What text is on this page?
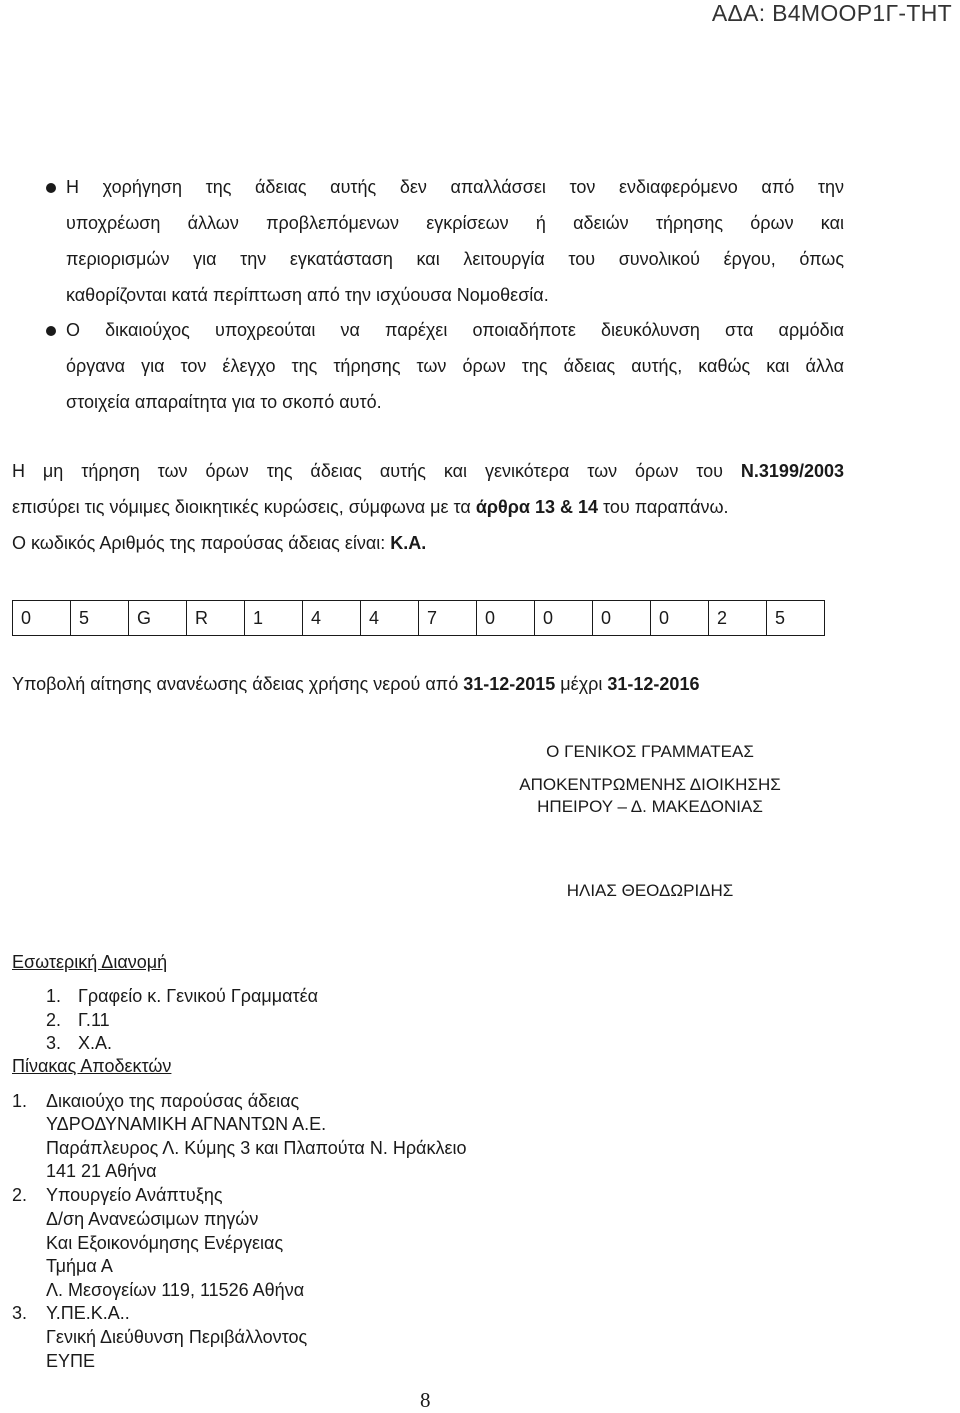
ΑΔΑ: Β4ΜΟΟΡ1Γ-ΤΗΤ
Η χορήγηση της άδειας αυτής δεν απαλλάσσει τον ενδιαφερόμενο από την
υποχρέωση άλλων προβλεπόμενων εγκρίσεων ή αδειών τήρησης όρων και
περιορισμών για την εγκατάσταση και λειτουργία του συνολικού έργου, όπως
καθορίζονται κατά περίπτωση από την ισχύουσα Νομοθεσία.
Ο δικαιούχος υποχρεούται να παρέχει οποιαδήποτε διευκόλυνση στα αρμόδια
όργανα για τον έλεγχο της τήρησης των όρων της άδειας αυτής, καθώς και άλλα
στοιχεία απαραίτητα για το σκοπό αυτό.
Η μη τήρηση των όρων της άδειας αυτής και γενικότερα των όρων του Ν.3199/2003
επισύρει τις νόμιμες διοικητικές κυρώσεις, σύμφωνα με τα άρθρα 13 & 14 του παραπάνω.
Ο κωδικός Αριθμός της παρούσας άδειας είναι: Κ.Α.
0	5	G	R	1	4	4	7	0	0	0	0	2	5
Υποβολή αίτησης ανανέωσης άδειας χρήσης νερού από 31-12-2015 μέχρι 31-12-2016
Ο ΓΕΝΙΚΟΣ ΓΡΑΜΜΑΤΕΑΣ
ΑΠΟΚΕΝΤΡΩΜΕΝΗΣ ΔΙΟΙΚΗΣΗΣ
ΗΠΕΙΡΟΥ – Δ. ΜΑΚΕΔΟΝΙΑΣ
ΗΛΙΑΣ ΘΕΟΔΩΡΙΔΗΣ
Εσωτερική Διανομή
1. Γραφείο κ. Γενικού Γραμματέα
2. Γ.11
3. Χ.Α.
Πίνακας Αποδεκτών
1. Δικαιούχο της παρούσας άδειας
ΥΔΡΟΔΥΝΑΜΙΚΗ ΑΓΝΑΝΤΩΝ Α.Ε.
Παράπλευρος Λ. Κύμης 3 και Πλαπούτα Ν. Ηράκλειο
141 21 Αθήνα
2. Υπουργείο Ανάπτυξης
Δ/ση Ανανεώσιμων πηγών
Και Εξοικονόμησης Ενέργειας
Τμήμα Α
Λ. Μεσογείων 119, 11526 Αθήνα
3. Υ.ΠΕ.Κ.Α..
Γενική Διεύθυνση Περιβάλλοντος
ΕΥΠΕ
8
